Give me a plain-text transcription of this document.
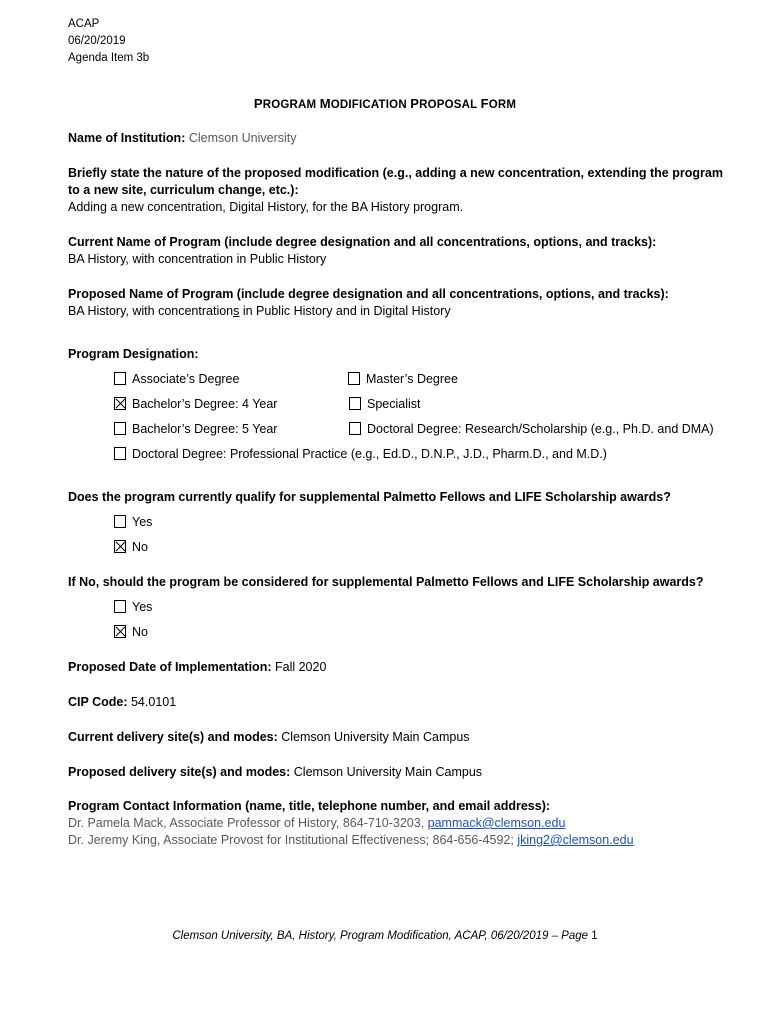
ACAP
06/20/2019
Agenda Item 3b
PROGRAM MODIFICATION PROPOSAL FORM
Name of Institution: Clemson University
Briefly state the nature of the proposed modification (e.g., adding a new concentration, extending the program to a new site, curriculum change, etc.):
Adding a new concentration, Digital History, for the BA History program.
Current Name of Program (include degree designation and all concentrations, options, and tracks):
BA History, with concentration in Public History
Proposed Name of Program (include degree designation and all concentrations, options, and tracks):
BA History, with concentrations in Public History and in Digital History
Program Designation:
Associate’s Degree	Master’s Degree
Bachelor’s Degree: 4 Year	Specialist
Bachelor’s Degree: 5 Year	Doctoral Degree: Research/Scholarship (e.g., Ph.D. and DMA)
Doctoral Degree: Professional Practice (e.g., Ed.D., D.N.P., J.D., Pharm.D., and M.D.)
Does the program currently qualify for supplemental Palmetto Fellows and LIFE Scholarship awards?
Yes
No
If No, should the program be considered for supplemental Palmetto Fellows and LIFE Scholarship awards?
Yes
No
Proposed Date of Implementation: Fall 2020
CIP Code: 54.0101
Current delivery site(s) and modes: Clemson University Main Campus
Proposed delivery site(s) and modes: Clemson University Main Campus
Program Contact Information (name, title, telephone number, and email address):
Dr. Pamela Mack, Associate Professor of History, 864-710-3203, pammack@clemson.edu
Dr. Jeremy King, Associate Provost for Institutional Effectiveness; 864-656-4592; jking2@clemson.edu
Clemson University, BA, History, Program Modification, ACAP, 06/20/2019 – Page 1
